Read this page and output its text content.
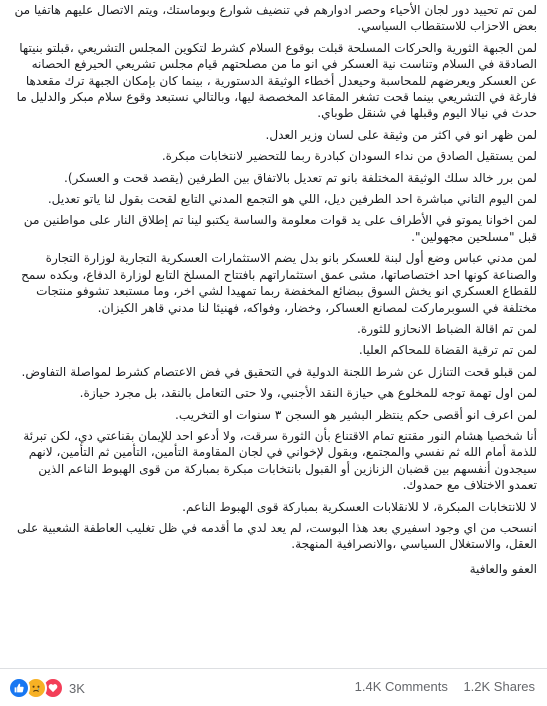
لمن تم تحييد دور لجان الأحياء وحصر ادوارهم في تنضيف شوارع وبوماستك، ويتم الاتصال عليهم هاتفيا من بعض الاحزاب للاستقطاب السياسي.

لمن الجبهة الثورية والحركات المسلحة قبلت بوقوع السلام كشرط لتكوين المجلس التشريعي ،قبلتو بنيتها الصادقة في السلام وتناست نية العسكر في انو ما من مصلحتهم قيام مجلس تشريعي الحيرفع الحصانه عن العسكر ويعرضهم للمحاسبة وحيعدل أخطاء الوثيقة الدستورية ، بينما كان بإمكان الجبهة ترك مقعدها فارغة في التشريعي بينما قحت تشغر المقاعد المخصصة ليها، وبالتالي نستبعد وقوع سلام مبكر والدليل ما حدث في نيالا اليوم وقبلها في شنقل طوباي.

لمن ظهر انو في اكثر من وثيقة على لسان وزير العدل.

لمن يستقيل الصادق من نداء السودان كبادرة ربما للتحضير لانتخابات مبكرة.

لمن برر خالد سلك الوثيقة المختلفة بانو تم تعديل بالاتفاق بين الطرفين (يقصد قحت و العسكر).

لمن اليوم التاني مباشرة احد الطرفين ديل، اللي هو التجمع المدني التابع لقحت بقول لنا ياتو تعديل.

لمن اخوانا يموتو في الأطراف على يد قوات معلومة والساسة يكتبو لينا تم إطلاق النار على مواطنين من قبل "مسلحين مجهولين".

لمن مدني عباس وضع أول لبنة للعسكر بانو بدل يضم الاستثمارات العسكرية التجارية لوزارة التجارة والصناعة كونها احد اختصاصاتها، مشى عمق استثماراتهم بافتتاح المسلخ التابع لوزارة الدفاع، وبكده سمح للقطاع العسكري انو يخش السوق ببضائع المخفضة ربما تمهيدا لشي اخر، وما مستبعد تشوفو منتجات مختلفة في السوبرماركت لمصانع العساكر، وخضار، وفواكه، فهنيئا لنا مدني قاهر الكيزان.

لمن تم اقالة الضباط الانحازو للثورة.

لمن تم ترقية القضاة للمحاكم العليا.

لمن قبلو قحت التنازل عن شرط اللجنة الدولية في التحقيق في فض الاعتصام كشرط لمواصلة التفاوض.

لمن اول تهمة توجه للمخلوع هي حيازة النقد الأجنبي، ولا حتى التعامل بالنقد، بل مجرد حيازة.

لمن اعرف انو أقصى حكم ينتظر البشير هو السجن ٣ سنوات او التخريب.

أنا شخصيا هشام النور مقتنع تمام الاقتناع بأن الثورة سرقت، ولا أدعو احد للإيمان بقناعتي دي، لكن تبرئة للذمة أمام الله ثم نفسي والمجتمع، وبقول لإخواني في لجان المقاومة التأمين، التأمين ثم التأمين، لانهم سيجدون أنفسهم بين قضبان الزنازين أو القبول بانتخابات مبكرة بمباركة من قوى الهبوط الناعم الذين تعمدو الاختلاف مع حمدوك.

لا للانتخابات المبكرة، لا للانقلابات العسكرية بمباركة قوى الهبوط الناعم.

انسحب من اي وجود اسفيري بعد هذا البوست، لم يعد لدي ما أقدمه في ظل تغليب العاطفة الشعبية على العقل، والاستغلال السياسي ،والانصرافية المنهجة.

العفو والعافية

3K	1.4K Comments 1.2K Shares
